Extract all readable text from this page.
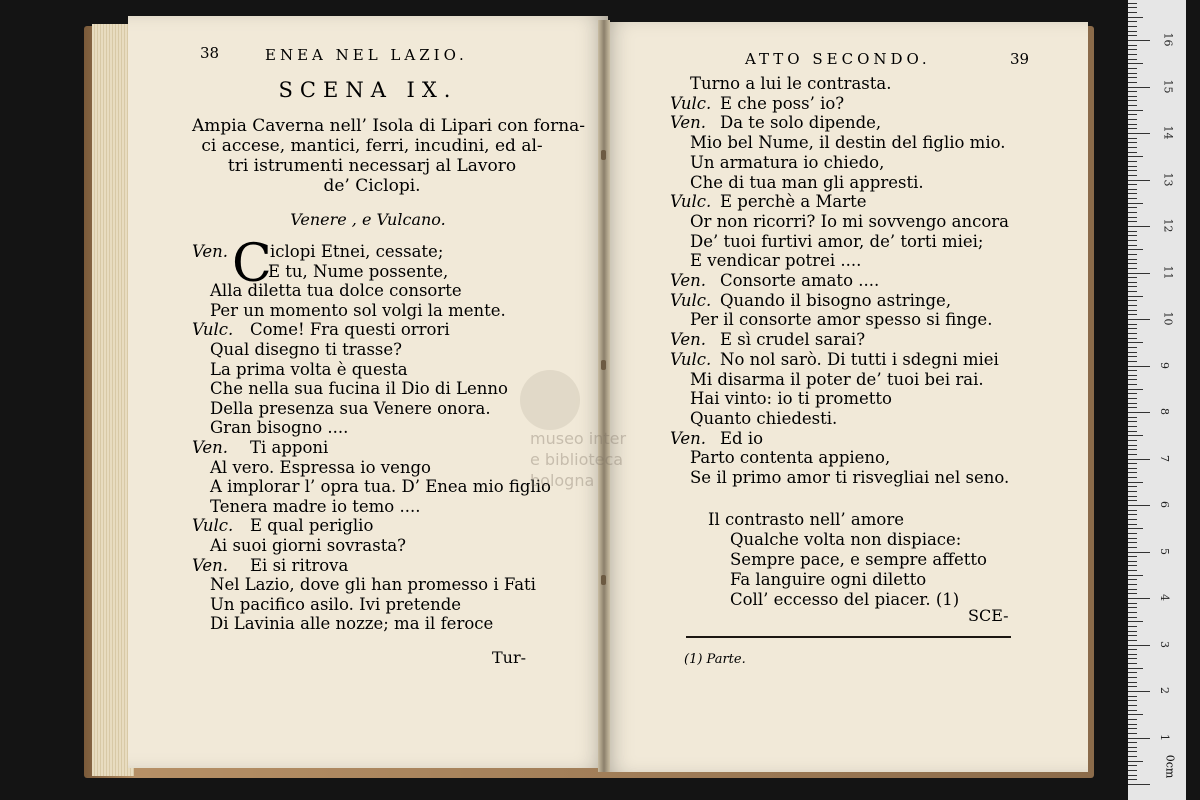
38	ENEA NEL LAZIO.
SCENA IX.
Ampia Caverna nell’ Isola di Lipari con forna-
ci accese, mantici, ferri, incudini, ed al-
tri istrumenti necessarj al Lavoro
de’ Ciclopi.
Venere , e Vulcano.
C
Ven.	iclopi Etnei, cessate;
E tu, Nume possente,
Alla diletta tua dolce consorte
Per un momento sol volgi la mente.
Vulc. Come! Fra questi orrori
Qual disegno ti trasse?
La prima volta è questa
Che nella sua fucina il Dio di Lenno
Della presenza sua Venere onora.
Gran bisogno ....
Ven. Ti apponi
Al vero. Espressa io vengo
A implorar l’ opra tua. D’ Enea mio figlio
Tenera madre io temo ....
Vulc. E qual periglio
Ai suoi giorni sovrasta?
Ven. Ei si ritrova
Nel Lazio, dove gli han promesso i Fati
Un pacifico asilo. Ivi pretende
Di Lavinia alle nozze; ma il feroce
Tur-
ATTO SECONDO.	39
Turno a lui le contrasta.
Vulc. E che poss’ io?
Ven. Da te solo dipende,
Mio bel Nume, il destin del figlio mio.
Un armatura io chiedo,
Che di tua man gli appresti.
Vulc. E perchè a Marte
Or non ricorri? Io mi sovvengo ancora
De’ tuoi furtivi amor, de’ torti miei;
E vendicar potrei ....
Ven. Consorte amato ....
Vulc. Quando il bisogno astringe,
Per il consorte amor spesso si finge.
Ven. E sì crudel sarai?
Vulc. No nol sarò. Di tutti i sdegni miei
Mi disarma il poter de’ tuoi bei rai.
Hai vinto: io ti prometto
Quanto chiedesti.
Ven. Ed io
Parto contenta appieno,
Se il primo amor ti risvegliai nel seno.
Il contrasto nell’ amore
Qualche volta non dispiace:
Sempre pace, e sempre affetto
Fa languire ogni diletto
Coll’ eccesso del piacer. (1)
SCE-
(1) Parte.
museo inter
e biblioteca
bologna
0cm
1
2
3
4
5
6
7
8
9
10
11
12
13
14
15
16
